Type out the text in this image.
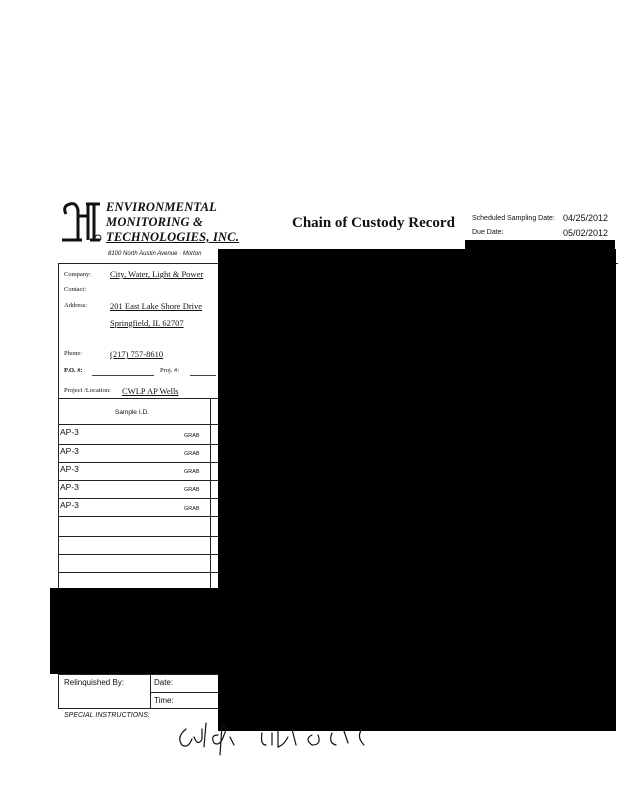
ENVIRONMENTAL
MONITORING &
TECHNOLOGIES, INC.
8100 North Austin Avenue · Morton
Chain of Custody Record Scheduled Sampling Date: 04/25/2012
Due Date:	05/02/2012
Company: City, Water, Light & Power
Contact:
Address:	201 East Lake Shore Drive
Springfield, IL 62707
Phone:	(217) 757-8610
P.O. #:	Proj. #:
Project /Location: CWLP AP Wells
Sample I.D.
AP-3	GRAB
AP-3	GRAB
AP-3	GRAB
AP-3	GRAB
AP-3	GRAB
Relinquished By:	Date:
Time:
SPECIAL INSTRUCTIONS:
